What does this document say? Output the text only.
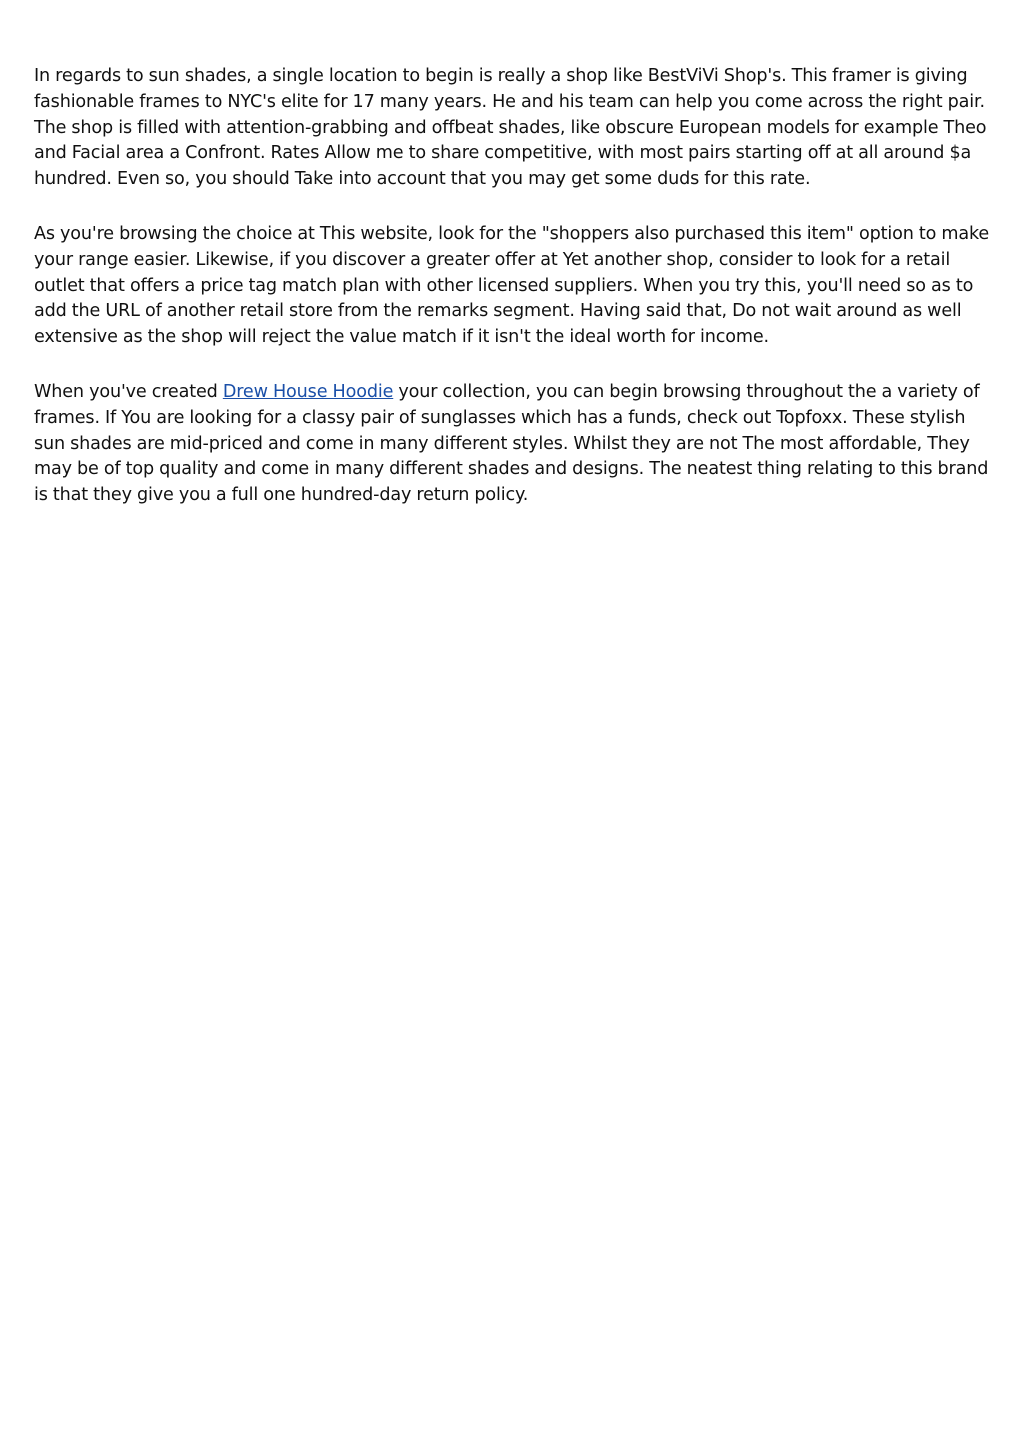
In regards to sun shades, a single location to begin is really a shop like BestViVi Shop's. This framer is giving fashionable frames to NYC's elite for 17 many years. He and his team can help you come across the right pair. The shop is filled with attention-grabbing and offbeat shades, like obscure European models for example Theo and Facial area a Confront. Rates Allow me to share competitive, with most pairs starting off at all around $a hundred. Even so, you should Take into account that you may get some duds for this rate.

As you're browsing the choice at This website, look for the "shoppers also purchased this item" option to make your range easier. Likewise, if you discover a greater offer at Yet another shop, consider to look for a retail outlet that offers a price tag match plan with other licensed suppliers. When you try this, you'll need so as to add the URL of another retail store from the remarks segment. Having said that, Do not wait around as well extensive as the shop will reject the value match if it isn't the ideal worth for income.

When you've created Drew House Hoodie your collection, you can begin browsing throughout the a variety of frames. If You are looking for a classy pair of sunglasses which has a funds, check out Topfoxx. These stylish sun shades are mid-priced and come in many different styles. Whilst they are not The most affordable, They may be of top quality and come in many different shades and designs. The neatest thing relating to this brand is that they give you a full one hundred-day return policy.
